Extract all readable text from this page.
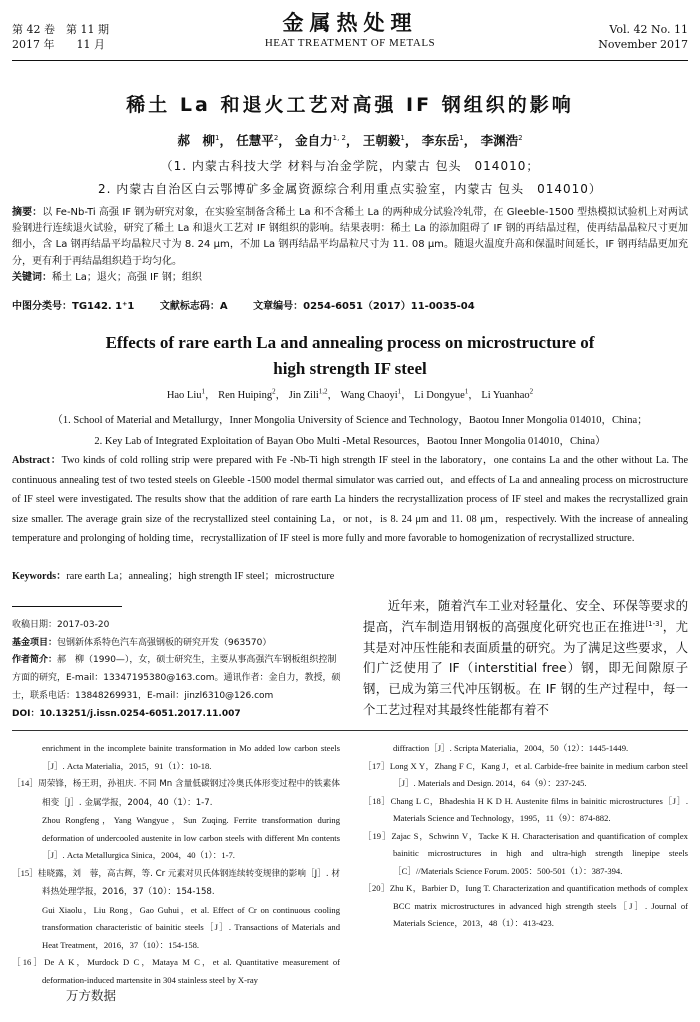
第 42 卷　第 11 期
2017 年　　11 月
金属热处理
HEAT TREATMENT OF METALS
Vol. 42 No. 11
November 2017
稀土 La 和退火工艺对高强 IF 钢组织的影响
郝　柳$^1$， 任慧平$^2$， 金自力$^{1, 2}$， 王朝毅$^1$， 李东岳$^1$， 李渊浩$^2$
（1. 内蒙古科技大学 材料与冶金学院，内蒙古 包头　014010；
2. 内蒙古自治区白云鄂博矿多金属资源综合利用重点实验室，内蒙古 包头　014010）
摘要：以 Fe-Nb-Ti 高强 IF 钢为研究对象，在实验室制备含稀土 La 和不含稀土 La 的两种成分试验冷轧带，在 Gleeble-1500 型热模拟试验机上对两试验钢进行连续退火试验，研究了稀土 La 和退火工艺对 IF 钢组织的影响。结果表明：稀土 La 的添加阻碍了 IF 钢的再结晶过程，使再结晶晶粒尺寸更加细小，含 La 钢再结晶平均晶粒尺寸为 8. 24 μm，不加 La 钢再结晶平均晶粒尺寸为 11. 08 μm。随退火温度升高和保温时间延长，IF 钢再结晶更加充分，更有利于再结晶组织趋于均匀化。
关键词：稀土 La；退火；高强 IF 钢；组织
中图分类号：TG142. 1⁺1	文献标志码：A	文章编号：0254-6051（2017）11-0035-04
Effects of rare earth La and annealing process on microstructure of
high strength IF steel
Hao Liu$^1$， Ren Huiping$^2$， Jin Zili$^{1,2}$， Wang Chaoyi$^1$， Li Dongyue$^1$， Li Yuanhao$^2$
（1. School of Material and Metallurgy，Inner Mongolia University of Science and Technology，Baotou Inner Mongolia 014010，China；
2. Key Lab of Integrated Exploitation of Bayan Obo Multi -Metal Resources，Baotou Inner Mongolia 014010，China）
Abstract：Two kinds of cold rolling strip were prepared with Fe -Nb-Ti high strength IF steel in the laboratory，one contains La and the other without La. The continuous annealing test of two tested steels on Gleeble -1500 model thermal simulator was carried out，and effects of La and annealing process on microstructure of IF steel were investigated. The results show that the addition of rare earth La hinders the recrystallization process of IF steel and makes the recrystallized grain size smaller. The average grain size of the recrystallized steel containing La，or not，is 8. 24 μm and 11. 08 μm，respectively. With the increase of annealing temperature and prolonging of holding time，recrystallization of IF steel is more fully and more favorable to homogenization of recrystallized structure.
Keywords：rare earth La；annealing；high strength IF steel；microstructure
收稿日期：2017-03-20
基金项目：包钢新体系特色汽车高强钢板的研究开发（963570）
作者简介：郝　柳（1990—），女，硕士研究生，主要从事高强汽车钢板组织控制方面的研究，E-mail：13347195380@163.com。通讯作者：金自力，教授，硕士，联系电话：13848269931，E-mail：jinzl6310@126.com
DOI：10.13251/j.issn.0254-6051.2017.11.007
近年来，随着汽车工业对轻量化、安全、环保等要求的提高，汽车制造用钢板的高强度化研究也正在推进[1-3]，尤其是对冲压性能和表面质量的研究。为了满足这些要求，人们广泛使用了 IF（interstitial free）钢，即无间隙原子钢，已成为第三代冲压钢板。在 IF 钢的生产过程中，每一个工艺过程对其最终性能都有着不

enrichment in the incomplete bainite transformation in Mo added low carbon steels［J］. Acta Materialia，2015，91（1）：10-18.

［14］周荣锋，杨王玥，孙祖庆. 不同 Mn 含量低碳钢过冷奥氏体形变过程中的铁素体相变［J］. 金属学报，2004，40（1）：1-7.

Zhou Rongfeng，Yang Wangyue，Sun Zuqing. Ferrite transformation during deformation of undercooled austenite in low carbon steels with different Mn contents［J］. Acta Metallurgica Sinica，2004，40（1）：1-7.

［15］桂晓露，刘　蓉，高古辉，等. Cr 元素对贝氏体钢连续转变规律的影响［J］. 材料热处理学报，2016，37（10）：154-158.

Gui Xiaolu，Liu Rong，Gao Guhui，et al. Effect of Cr on continuous cooling transformation characteristic of bainitic steels［J］. Transactions of Materials and Heat Treatment，2016，37（10）：154-158.

［16］De A K，Murdock D C，Mataya M C，et al. Quantitative measurement of deformation-induced martensite in 304 stainless steel by X-ray

diffraction［J］. Scripta Materialia，2004，50（12）：1445-1449.

［17］Long X Y，Zhang F C，Kang J，et al. Carbide-free bainite in medium carbon steel［J］. Materials and Design. 2014，64（9）：237-245.

［18］Chang L C，Bhadeshia H K D H. Austenite films in bainitic microstructures［J］. Materials Science and Technology，1995，11（9）：874-882.

［19］Zajac S，Schwinn V，Tacke K H. Characterisation and quantification of complex bainitic microstructures in high and ultra-high strength linepipe steels［C］//Materials Science Forum. 2005：500-501（1）：387-394.

［20］Zhu K，Barbier D，Iung T. Characterization and quantification methods of complex BCC matrix microstructures in advanced high strength steels［J］. Journal of Materials Science，2013，48（1）：413-423.

万方数据
